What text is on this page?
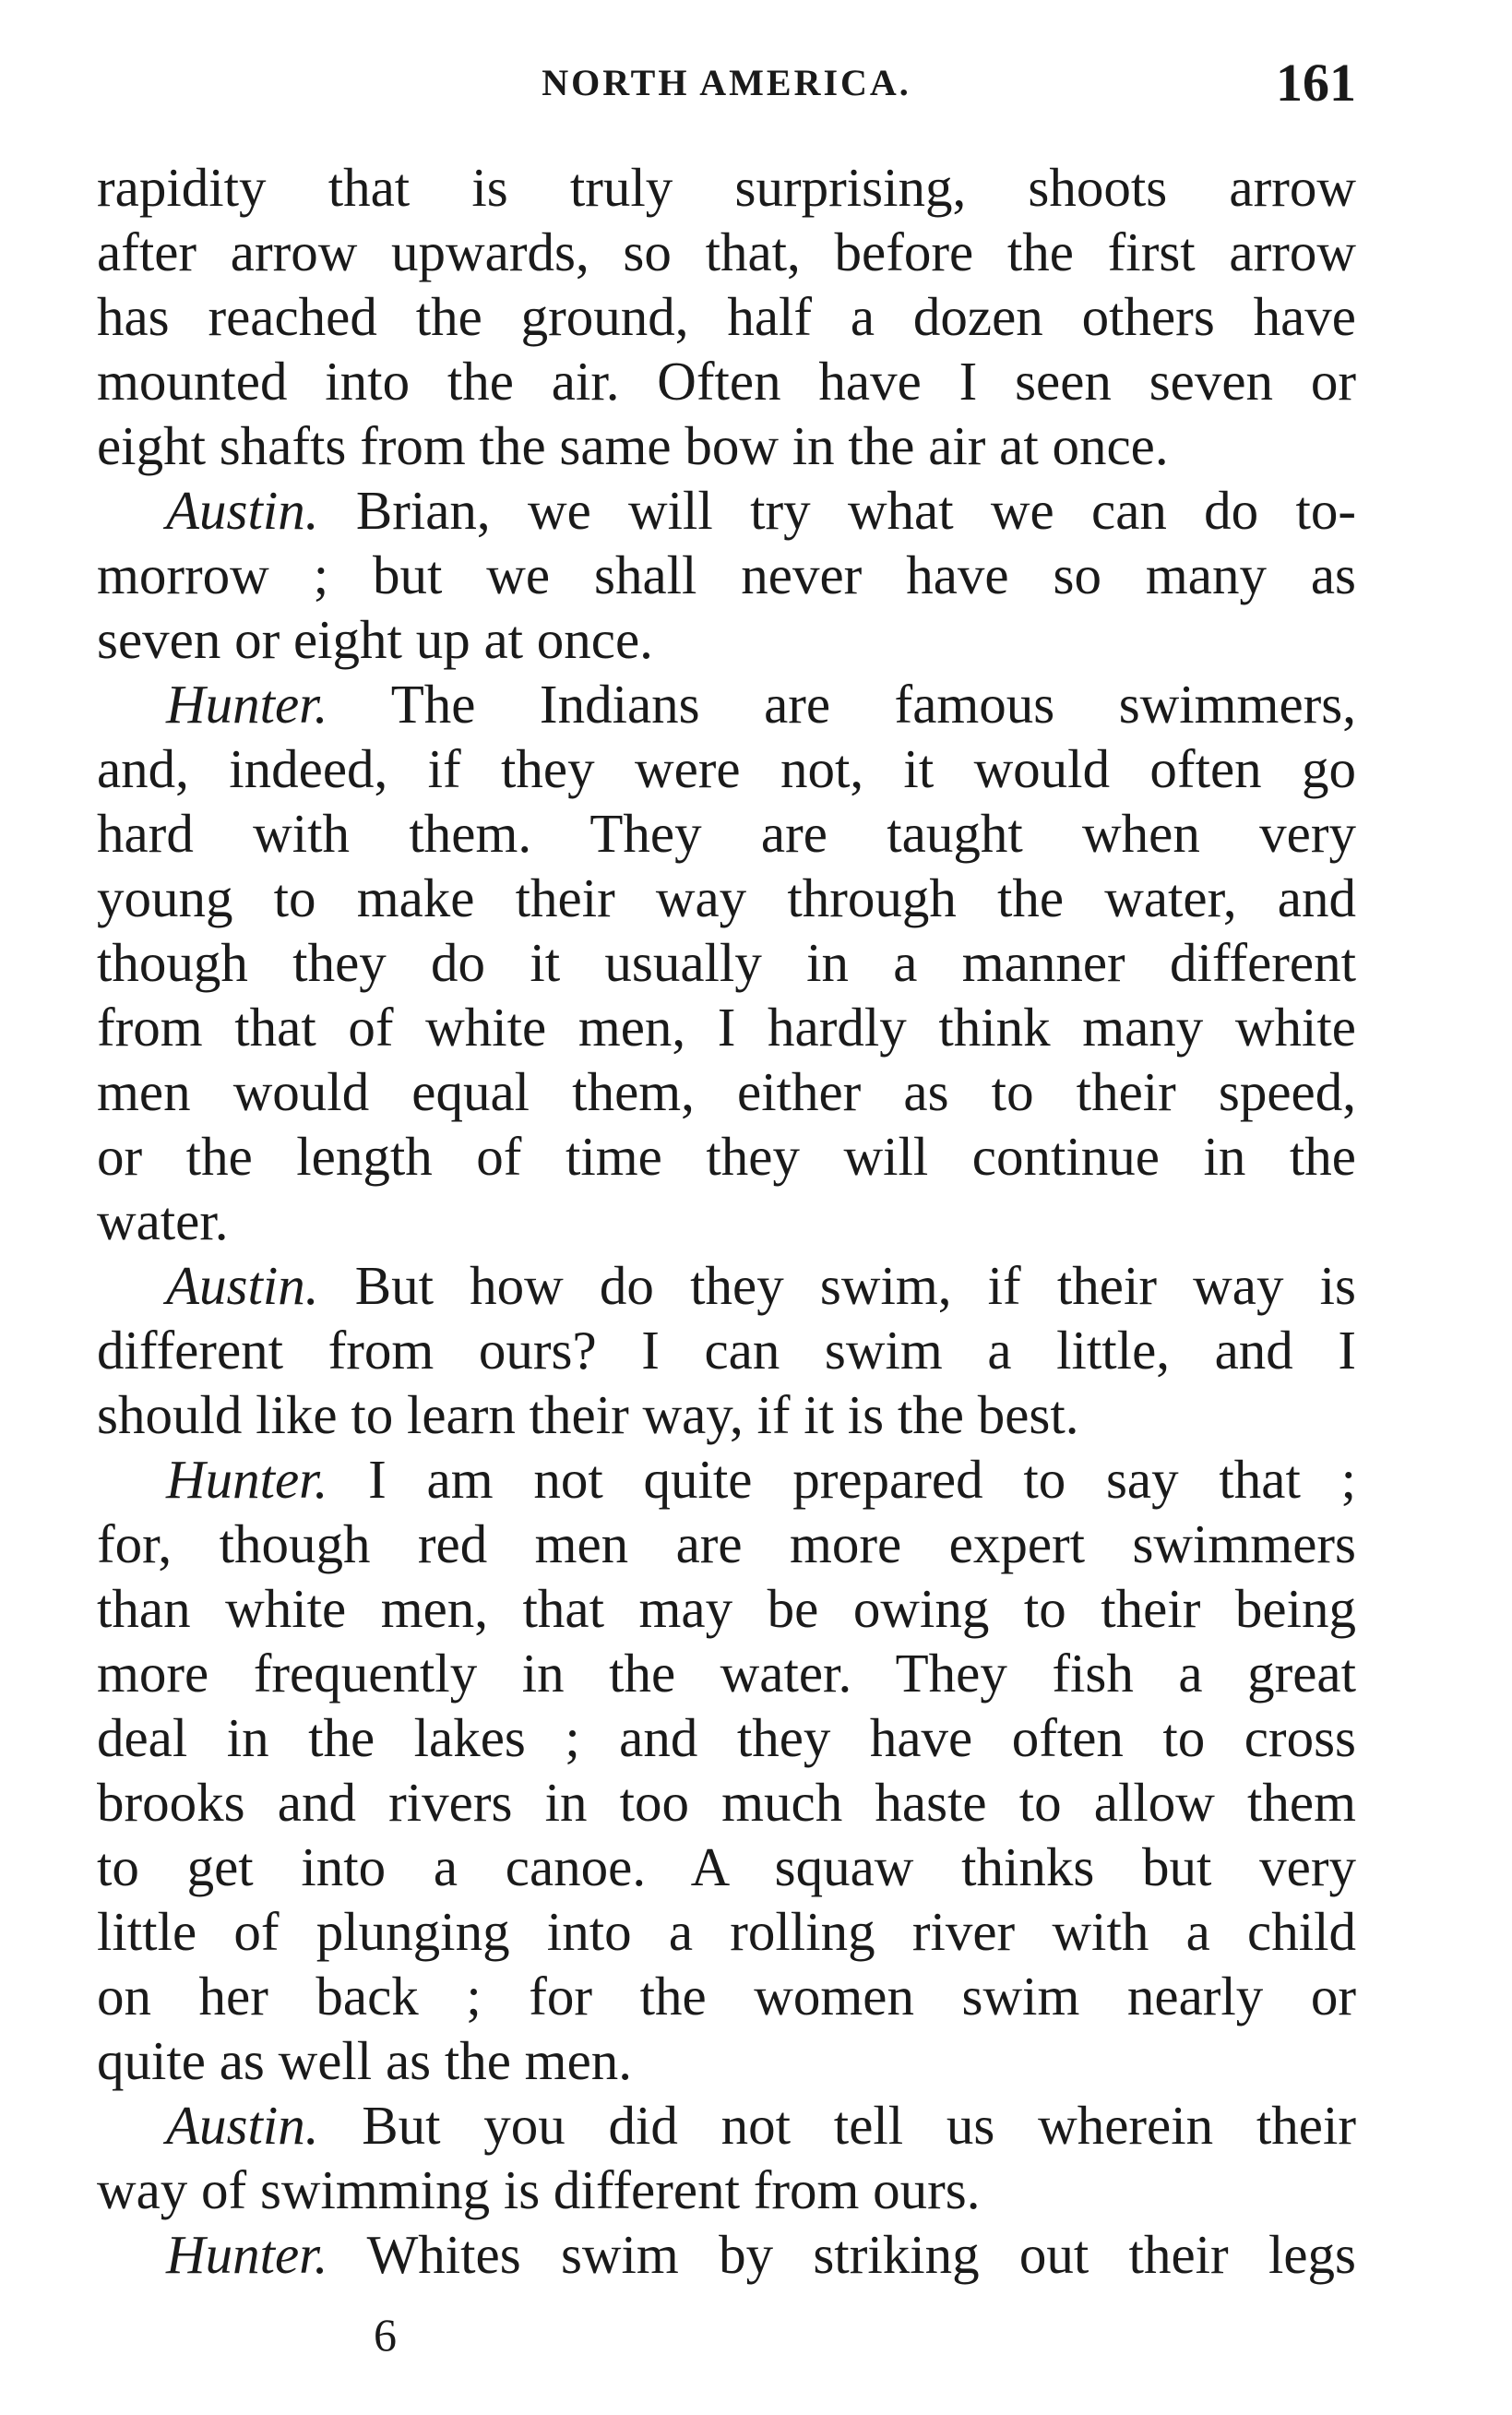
NORTH AMERICA.	161
rapidity that is truly surprising, shoots arrow
after arrow upwards, so that, before the first arrow
has reached the ground, half a dozen others have
mounted into the air. Often have I seen seven or
eight shafts from the same bow in the air at once.
Austin. Brian, we will try what we can do to-
morrow ; but we shall never have so many as
seven or eight up at once.
Hunter. The Indians are famous swimmers,
and, indeed, if they were not, it would often go
hard with them. They are taught when very
young to make their way through the water, and
though they do it usually in a manner different
from that of white men, I hardly think many white
men would equal them, either as to their speed,
or the length of time they will continue in the
water.
Austin. But how do they swim, if their way is
different from ours? I can swim a little, and I
should like to learn their way, if it is the best.
Hunter. I am not quite prepared to say that ;
for, though red men are more expert swimmers
than white men, that may be owing to their being
more frequently in the water. They fish a great
deal in the lakes ; and they have often to cross
brooks and rivers in too much haste to allow them
to get into a canoe. A squaw thinks but very
little of plunging into a rolling river with a child
on her back ; for the women swim nearly or
quite as well as the men.
Austin. But you did not tell us wherein their
way of swimming is different from ours.
Hunter. Whites swim by striking out their legs
6
